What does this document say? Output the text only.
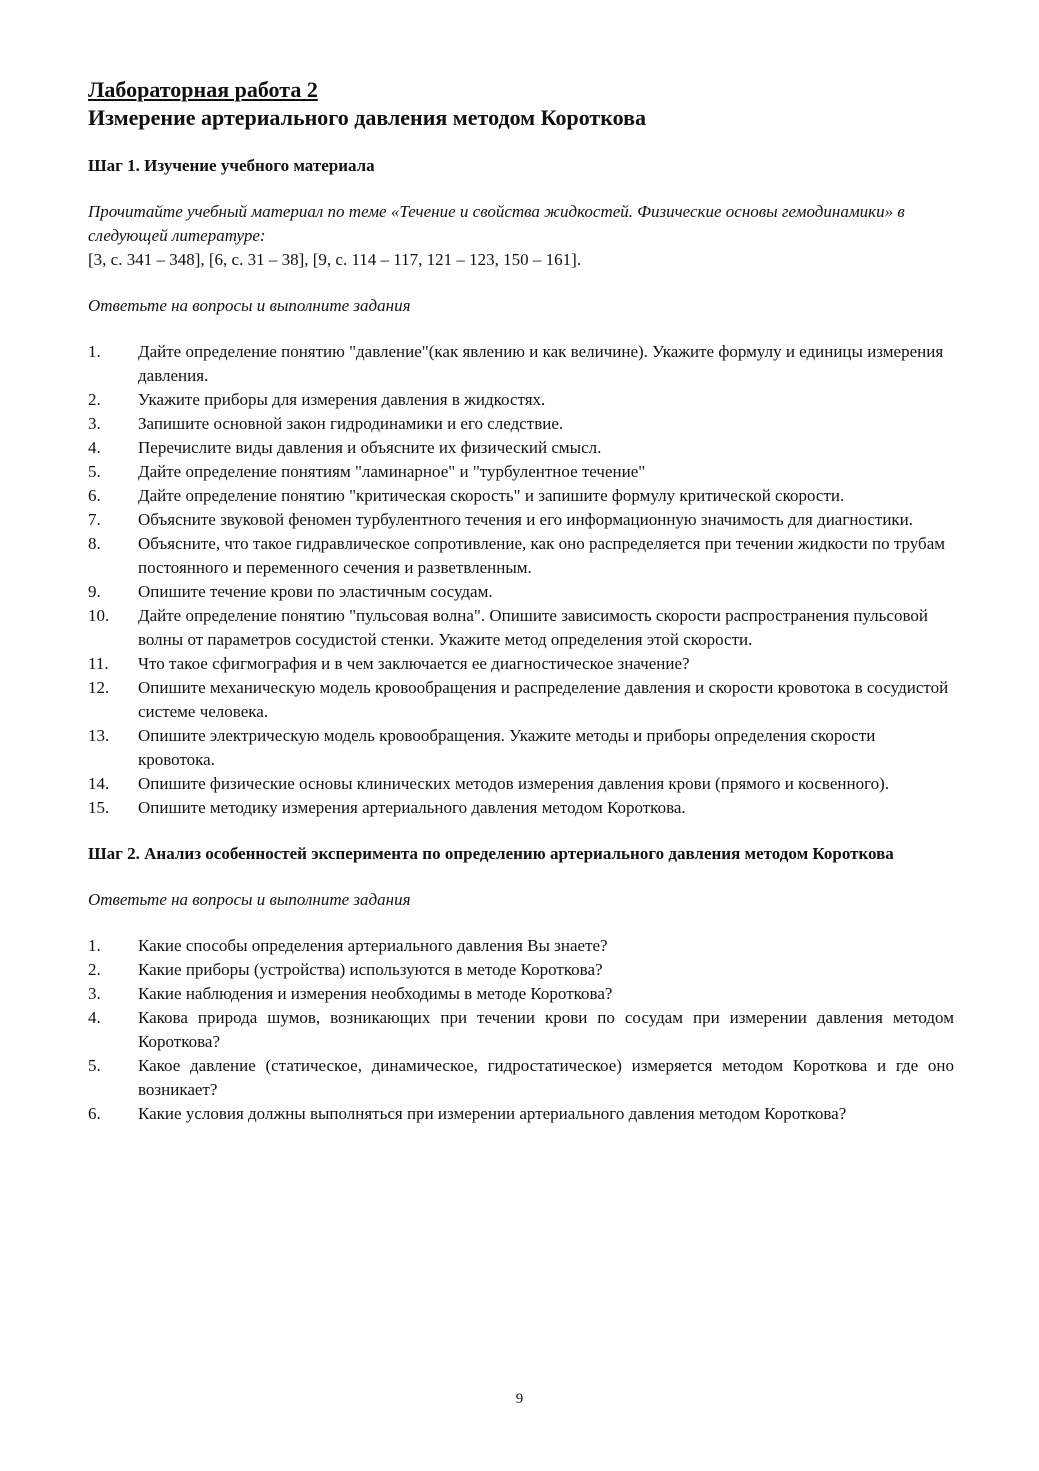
Лабораторная работа 2
Измерение артериального давления методом Короткова

Шаг 1. Изучение учебного материала

Прочитайте учебный материал по теме «Течение и свойства жидкостей. Физические основы гемодинамики» в следующей литературе:

[3, с. 341 – 348], [6, с. 31 – 38], [9, с. 114 – 117, 121 – 123, 150 – 161].

Ответьте на вопросы и выполните задания

1.	Дайте определение понятию "давление"(как явлению и как величине). Укажите формулу и единицы измерения давления.
2.	Укажите приборы для измерения давления в жидкостях.
3.	Запишите основной закон гидродинамики и его следствие.
4.	Перечислите виды давления и объясните их физический смысл.
5.	Дайте определение понятиям "ламинарное" и "турбулентное течение"
6.	Дайте определение понятию "критическая скорость" и запишите формулу критической скорости.
7.	Объясните звуковой феномен турбулентного течения и его информационную значимость для диагностики.
8.	Объясните, что такое гидравлическое сопротивление, как оно распределяется при течении жидкости по трубам постоянного и переменного сечения и разветвленным.
9.	Опишите течение крови по эластичным сосудам.
10.	Дайте определение понятию "пульсовая волна". Опишите зависимость скорости распространения пульсовой волны от параметров сосудистой стенки. Укажите метод определения этой скорости.
11.	Что такое сфигмография и в чем заключается ее диагностическое значение?
12.	Опишите механическую модель кровообращения и распределение давления и скорости кровотока в сосудистой системе человека.
13.	Опишите электрическую модель кровообращения. Укажите методы и приборы определения скорости кровотока.
14.	Опишите физические основы клинических методов измерения давления крови (прямого и косвенного).
15.	Опишите методику измерения артериального давления методом Короткова.

Шаг 2. Анализ особенностей эксперимента по определению артериального давления методом Короткова

Ответьте на вопросы и выполните задания

1.	Какие способы определения артериального давления Вы знаете?
2.	Какие приборы (устройства) используются в методе Короткова?
3.	Какие наблюдения и измерения необходимы в методе Короткова?
4.	Какова природа шумов, возникающих при течении крови по сосудам при измерении давления методом Короткова?
5.	Какое давление (статическое, динамическое, гидростатическое) измеряется методом Короткова и где оно возникает?
6.	Какие условия должны выполняться при измерении артериального давления методом Короткова?
9
